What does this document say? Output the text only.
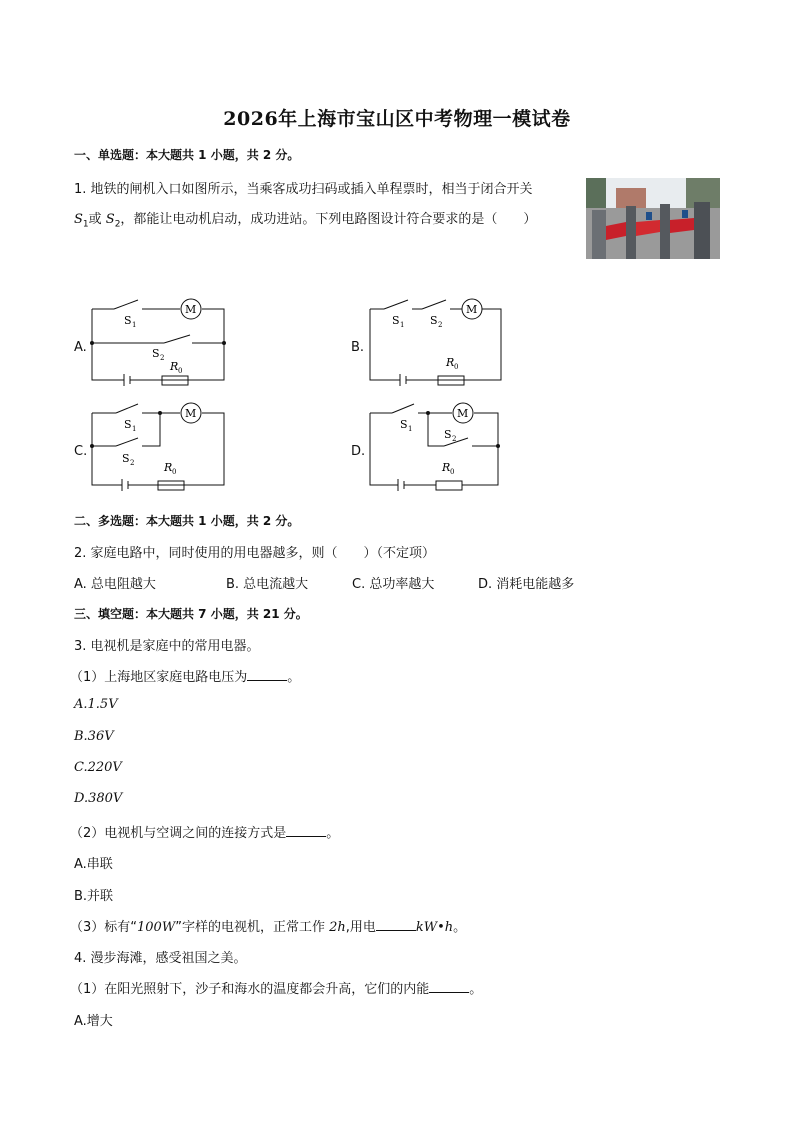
2026年上海市宝山区中考物理一模试卷
一、单选题：本大题共 1 小题，共 2 分。
1. 地铁的闸机入口如图所示，当乘客成功扫码或插入单程票时，相当于闭合开关
$S_1$或 $S_2$，都能让电动机启动，成功进站。下列电路图设计符合要求的是（　　）
A.
M
S 1
S 2
R 0
B.
M
S 1 S 2
R 0
C.
M
S 1
S 2	R 0
D.
M
S 1	S 2
R 0
二、多选题：本大题共 1 小题，共 2 分。
2. 家庭电路中，同时使用的用电器越多，则（　　）（不定项）
A. 总电阻越大	B. 总电流越大	C. 总功率越大	D. 消耗电能越多
三、填空题：本大题共 7 小题，共 21 分。
3. 电视机是家庭中的常用电器。
（1）上海地区家庭电路电压为	。
A.1.5V
B.36V
C.220V
D.380V
（2）电视机与空调之间的连接方式是	。
A.串联
B.并联
（3）标有“100W”字样的电视机，正常工作 2h,用电	kW•h。
4. 漫步海滩，感受祖国之美。
（1）在阳光照射下，沙子和海水的温度都会升高，它们的内能	。
A.增大
